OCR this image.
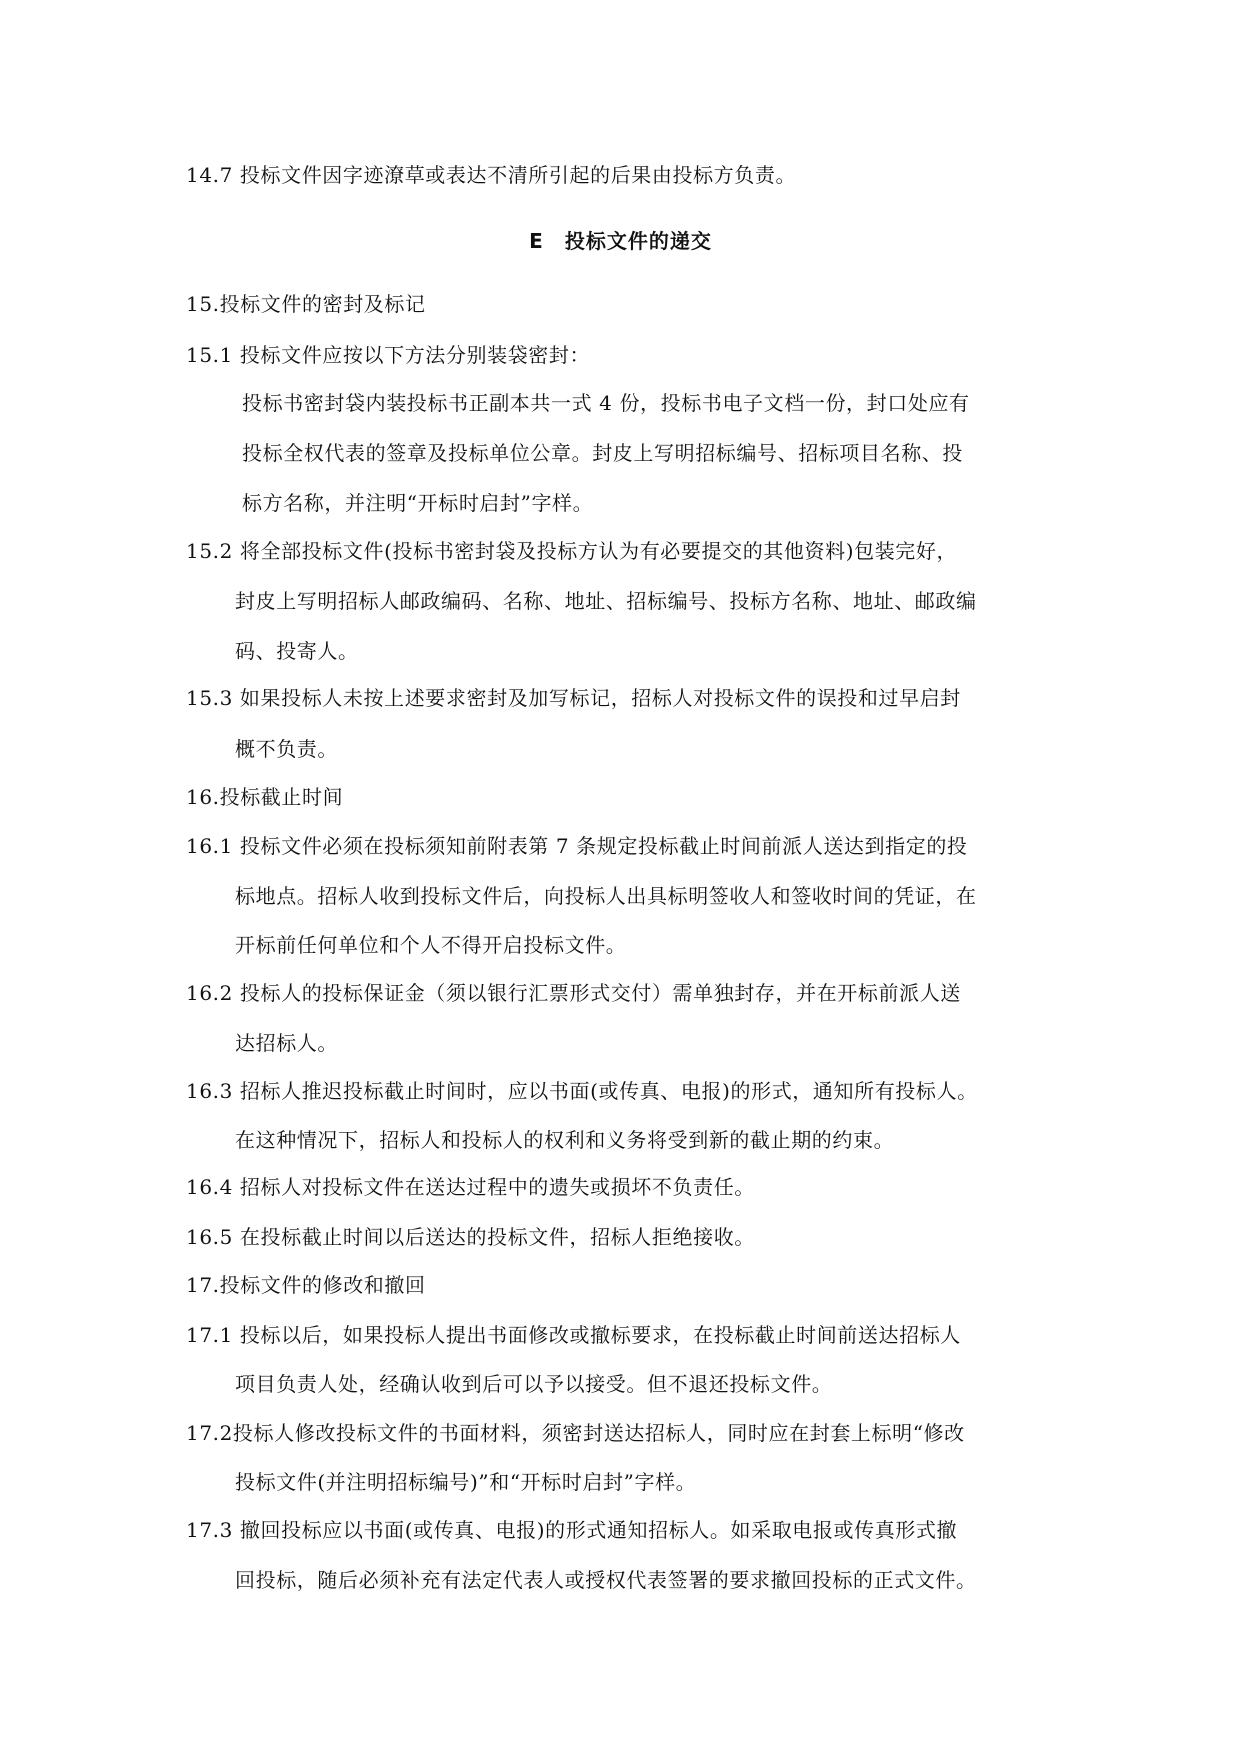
14.7 投标文件因字迹潦草或表达不清所引起的后果由投标方负责。
E　投标文件的递交
15.投标文件的密封及标记
15.1 投标文件应按以下方法分别装袋密封：
投标书密封袋内装投标书正副本共一式 4 份，投标书电子文档一份，封口处应有
投标全权代表的签章及投标单位公章。封皮上写明招标编号、招标项目名称、投
标方名称，并注明“开标时启封”字样。
15.2 将全部投标文件(投标书密封袋及投标方认为有必要提交的其他资料)包装完好，
封皮上写明招标人邮政编码、名称、地址、招标编号、投标方名称、地址、邮政编
码、投寄人。
15.3 如果投标人未按上述要求密封及加写标记，招标人对投标文件的误投和过早启封
概不负责。
16.投标截止时间
16.1 投标文件必须在投标须知前附表第 7 条规定投标截止时间前派人送达到指定的投
标地点。招标人收到投标文件后，向投标人出具标明签收人和签收时间的凭证，在
开标前任何单位和个人不得开启投标文件。
16.2 投标人的投标保证金（须以银行汇票形式交付）需单独封存，并在开标前派人送
达招标人。
16.3 招标人推迟投标截止时间时，应以书面(或传真、电报)的形式，通知所有投标人。
在这种情况下，招标人和投标人的权利和义务将受到新的截止期的约束。
16.4 招标人对投标文件在送达过程中的遗失或损坏不负责任。
16.5 在投标截止时间以后送达的投标文件，招标人拒绝接收。
17.投标文件的修改和撤回
17.1 投标以后，如果投标人提出书面修改或撤标要求，在投标截止时间前送达招标人
项目负责人处，经确认收到后可以予以接受。但不退还投标文件。
17.2投标人修改投标文件的书面材料，须密封送达招标人，同时应在封套上标明“修改
投标文件(并注明招标编号)”和“开标时启封”字样。
17.3 撤回投标应以书面(或传真、电报)的形式通知招标人。如采取电报或传真形式撤
回投标，随后必须补充有法定代表人或授权代表签署的要求撤回投标的正式文件。
